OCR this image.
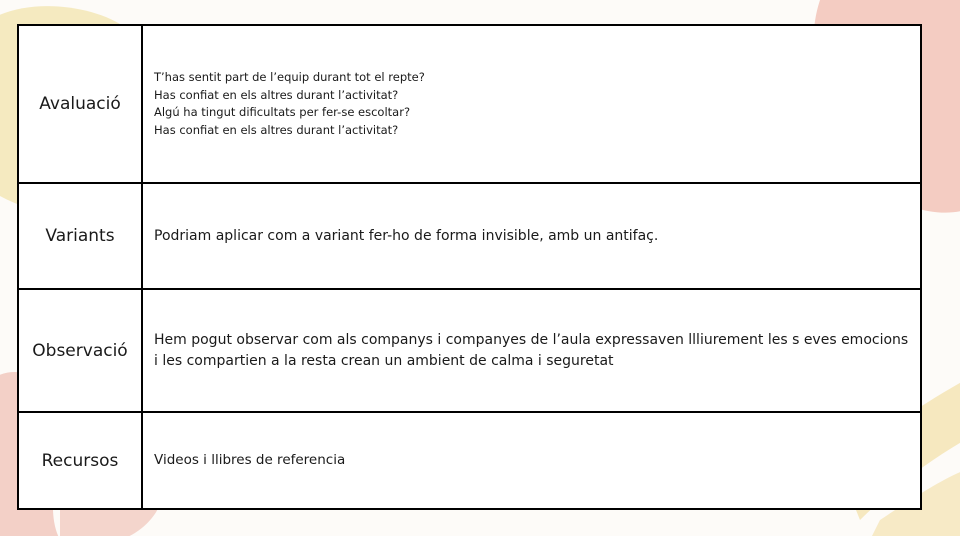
Avaluació
T’has sentit part de l’equip durant tot el repte?
Has confiat en els altres durant l’activitat?
Algú ha tingut dificultats per fer-se escoltar?
Has confiat en els altres durant l’activitat?
Variants	Podriam aplicar com a variant fer-ho de forma invisible, amb un antifaç.
Observació
Hem pogut observar com als companys i companyes de l’aula expressaven llliurement les s eves emocions i les compartien a la resta crean un ambient de calma i seguretat
Recursos	Videos i llibres de referencia
